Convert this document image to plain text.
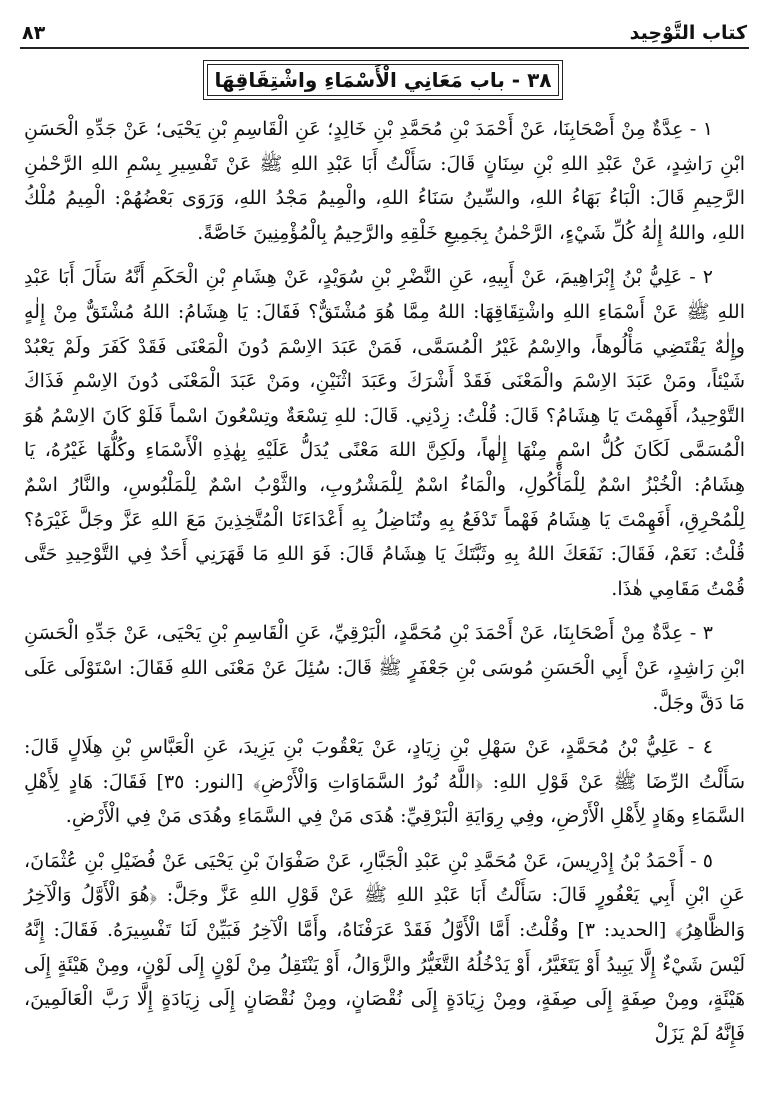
كتاب التَّوْحِيد
٨٣
٣٨ - باب مَعَانِي الْأَسْمَاءِ واشْتِقَاقِهَا

١ - عِدَّةٌ مِنْ أَصْحَابِنَا، عَنْ أَحْمَدَ بْنِ مُحَمَّدِ بْنِ خَالِدٍ؛ عَنِ الْقَاسِمِ بْنِ يَحْيَى؛ عَنْ جَدِّهِ الْحَسَنِ ابْنِ رَاشِدٍ، عَنْ عَبْدِ اللهِ بْنِ سِنَانٍ قَالَ: سَأَلْتُ أَبَا عَبْدِ اللهِ ﷺ عَنْ تَفْسِيرِ بِسْمِ اللهِ الرَّحْمٰنِ الرَّحِيمِ قَالَ: الْبَاءُ بَهَاءُ اللهِ، والسِّينُ سَنَاءُ اللهِ، والْمِيمُ مَجْدُ اللهِ، وَرَوَى بَعْضُهُمْ: الْمِيمُ مُلْكُ اللهِ، واللهُ إِلٰهُ كُلِّ شَيْءٍ، الرَّحْمٰنُ بِجَمِيعِ خَلْقِهِ والرَّحِيمُ بِالْمُؤْمِنِينَ خَاصَّةً.

٢ - عَلِيُّ بْنُ إِبْرَاهِيمَ، عَنْ أَبِيهِ، عَنِ النَّضْرِ بْنِ سُوَيْدٍ، عَنْ هِشَامِ بْنِ الْحَكَمِ أَنَّهُ سَأَلَ أَبَا عَبْدِ اللهِ ﷺ عَنْ أَسْمَاءِ اللهِ واشْتِقَاقِهَا: اللهُ مِمَّا هُوَ مُشْتَقٌّ؟ فَقَالَ: يَا هِشَامُ: اللهُ مُشْتَقٌّ مِنْ إِلٰهٍ وإِلٰهٌ يَقْتَضِي مَأْلُوهاً، والاِسْمُ غَيْرُ الْمُسَمَّى، فَمَنْ عَبَدَ الاِسْمَ دُونَ الْمَعْنَى فَقَدْ كَفَرَ ولَمْ يَعْبُدْ شَيْئاً، ومَنْ عَبَدَ الاِسْمَ والْمَعْنَى فَقَدْ أَشْرَكَ وعَبَدَ اثْنَيْنِ، ومَنْ عَبَدَ الْمَعْنَى دُونَ الاِسْمِ فَذَاكَ التَّوْحِيدُ، أَفَهِمْتَ يَا هِشَامُ؟ قَالَ: قُلْتُ: زِدْنِي. قَالَ: للهِ تِسْعَةٌ وتِسْعُونَ اسْماً فَلَوْ كَانَ الاِسْمُ هُوَ الْمُسَمَّى لَكَانَ كُلُّ اسْمٍ مِنْهَا إِلٰهاً، ولَكِنَّ اللهَ مَعْنًى يُدَلُّ عَلَيْهِ بِهٰذِهِ الْأَسْمَاءِ وكُلُّهَا غَيْرُهُ، يَا هِشَامُ: الْخُبْزُ اسْمٌ لِلْمَأْكُولِ، والْمَاءُ اسْمٌ لِلْمَشْرُوبِ، والثَّوْبُ اسْمٌ لِلْمَلْبُوسِ، والنَّارُ اسْمٌ لِلْمُحْرِقِ، أَفَهِمْتَ يَا هِشَامُ فَهْماً تَدْفَعُ بِهِ وتُنَاضِلُ بِهِ أَعْدَاءَنَا الْمُتَّخِذِينَ مَعَ اللهِ عَزَّ وجَلَّ غَيْرَهُ؟ قُلْتُ: نَعَمْ، فَقَالَ: نَفَعَكَ اللهُ بِهِ وثَبَّتَكَ يَا هِشَامُ قَالَ: فَوَ اللهِ مَا قَهَرَنِي أَحَدٌ فِي التَّوْحِيدِ حَتَّى قُمْتُ مَقَامِي هٰذَا.

٣ - عِدَّةٌ مِنْ أَصْحَابِنَا، عَنْ أَحْمَدَ بْنِ مُحَمَّدٍ، الْبَرْقِيِّ، عَنِ الْقَاسِمِ بْنِ يَحْيَى، عَنْ جَدِّهِ الْحَسَنِ ابْنِ رَاشِدٍ، عَنْ أَبِي الْحَسَنِ مُوسَى بْنِ جَعْفَرٍ ﷺ قَالَ: سُئِلَ عَنْ مَعْنَى اللهِ فَقَالَ: اسْتَوْلَى عَلَى مَا دَقَّ وجَلَّ.

٤ - عَلِيُّ بْنُ مُحَمَّدٍ، عَنْ سَهْلِ بْنِ زِيَادٍ، عَنْ يَعْقُوبَ بْنِ يَزِيدَ، عَنِ الْعَبَّاسِ بْنِ هِلَالٍ قَالَ: سَأَلْتُ الرِّضَا ﷺ عَنْ قَوْلِ اللهِ: ﴿اللَّهُ نُورُ السَّمَاوَاتِ وَالْأَرْضِ﴾ [النور: ٣٥] فَقَالَ: هَادٍ لِأَهْلِ السَّمَاءِ وهَادٍ لِأَهْلِ الْأَرْضِ، وفِي رِوَايَةِ الْبَرْقِيِّ: هُدَى مَنْ فِي السَّمَاءِ وهُدَى مَنْ فِي الْأَرْضِ.

٥ - أَحْمَدُ بْنُ إِدْرِيسَ، عَنْ مُحَمَّدِ بْنِ عَبْدِ الْجَبَّارِ، عَنْ صَفْوَانَ بْنِ يَحْيَى عَنْ فُضَيْلِ بْنِ عُثْمَانَ، عَنِ ابْنِ أَبِي يَعْفُورٍ قَالَ: سَأَلْتُ أَبَا عَبْدِ اللهِ ﷺ عَنْ قَوْلِ اللهِ عَزَّ وجَلَّ: ﴿هُوَ الْأَوَّلُ وَالْآخِرُ وَالظَّاهِرُ﴾ [الحديد: ٣] وقُلْتُ: أَمَّا الْأَوَّلُ فَقَدْ عَرَفْنَاهُ، وأَمَّا الْآخِرُ فَبَيِّنْ لَنَا تَفْسِيرَهُ. فَقَالَ: إِنَّهُ لَيْسَ شَيْءٌ إِلَّا يَبِيدُ أَوْ يَتَغَيَّرُ، أَوْ يَدْخُلُهُ التَّغَيُّرُ والزَّوَالُ، أَوْ يَنْتَقِلُ مِنْ لَوْنٍ إِلَى لَوْنٍ، ومِنْ هَيْئَةٍ إِلَى هَيْئَةٍ، ومِنْ صِفَةٍ إِلَى صِفَةٍ، ومِنْ زِيَادَةٍ إِلَى نُقْصَانٍ، ومِنْ نُقْصَانٍ إِلَى زِيَادَةٍ إِلَّا رَبَّ الْعَالَمِينَ، فَإِنَّهُ لَمْ يَزَلْ
